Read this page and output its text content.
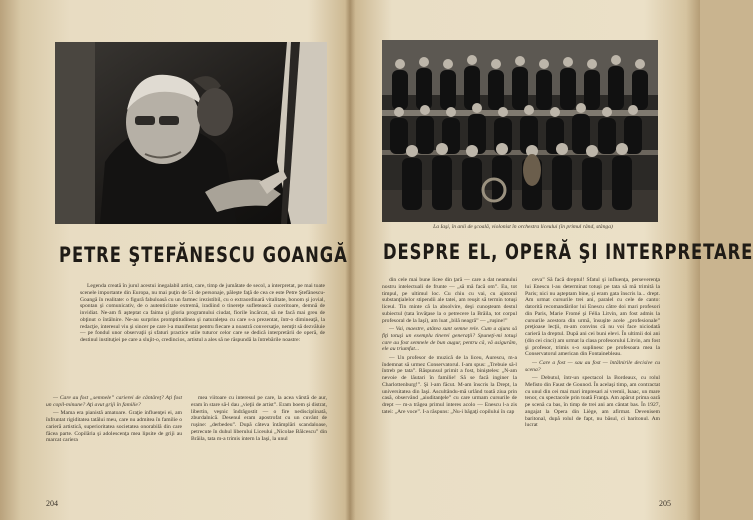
PETRE ŞTEFĂNESCU GOANGĂ

Legenda creată în jurul acestui inegalabil artist, care, timp de jumătate de secol, a interpretat, pe mai toate scenele importante din Europa, nu mai puţin de 51 de personaje, păleşte faţă de cea ce este Petre Ştefănescu-Goangă în realitate: o figură fabuloasă cu un farmec irezistibil, cu o extraordinară vitalitate, bonom şi jovial, spontan şi comunicativ, de o autenticitate extremă, iradiind o tinereţe sufletească cuceritoare, demnă de invidiat. Ne-am fi aşteptat ca faima şi gloria programului ciudat, fiorile încărcat, să ne facă mai greu de obţinut o întâlnire. Ne-au surprins promptitudinea şi naturaleţea cu care s-a prezentat, într-o dimineaţă, la redacţie, interesul viu şi sincer pe care l-a manifestat pentru fiecare a noastră conversaţie, nemţit să dezvăluie — pe fondul unor observaţii şi sfaturi practice utile tuturor celor care se dedică interpretării de operă, de destinul instituţiei pe care a slujit-o, credincios, artistul a ales să ne răspundă la întrebările noastre:

— Care au fost „semnele” carierei de cântăreţ? Aţi fost un copil-minune? Aţi avut griji în familie?

— Mama era pianistă amatoare. Graţie influenţei ei, am înfruntat rigiditatea tatălui meu, care nu admitea în familie o carieră artistică, superioritatea societatea onorabilă din care făcea parte. Copilăria şi adolescenţa mea lipsite de griji au marcat cariera

mea viitoare cu interesul pe care, la acea vârstă de aur, eram în stare să-l dau „vieţii de artist”. Eram boem şi distrat, libertin, veşnic îndrăgostit — o fire nedisciplinată, zburdalnică. Desenul eram apostrofat cu un cuvânt de ruşine: „derbedeu”. După câteva întâmplări scandaloase, petrecute în duhul liberului Liceului „Nicolae Bălcescu” din Brăila, tata m-a trimis intern la Iaşi, la unul

204
La Iaşi, în anii de şcoală, violonist în orchestra liceului (în primul rând, stânga)
DESPRE EL, OPERĂ ŞI INTERPRETARE

din cele mai bune licee din ţară — care a dat neamului nostru intelectuali de frunte — „să mă facă om”. Eu, tot timpul, pe ultimul loc. Cu chiu cu vai, cu ajutorul substanţialelor stipendii ale tatei, am reuşit să termin totuşi liceul. Tin minte că la absolvire, deşi cunoşteam destul subiectul (tata învăţase la o petrecere la Brăila, tot corpul profesoral de la Iaşi), am luat „bilă neagră” — „ruşine!”

— Vai, maestre, atâtea sunt semne rele. Cum a ajuns să fiţi totuşi un exemplu tinerei generaţii? Spuneţi-mi totuşi care au fost semnele de bun augur, pentru că, vă asigurăm, ele au triumfat...

— Un profesor de muzică de la liceu, Aurescu, m-a îndemnat să urmez Conservatorul. I-am spus: „Trebuie să-l întreb pe tata”. Răspunsul primit a fost, binişteles: „N-am nevoie de lăutari în familie! Să se facă inginer la Charlottenburg!”. Şi l-am făcut. M-am înscris la Drept, la universitatea din Iaşi. Ascultându-mă urlând toată ziua prin casă, observând „aiuditanţele” cu care urmam cursurile de drept — m-a trăgea primul interes acolo — Enescu l-a zis tatei: „Are voce”. I-a răspuns: „Nu-i băgaţi copilului în cap

ceva” Să facă dreptul! Sfatul şi influenţa, perseverenţa lui Enescu l-au determinat totuşi pe tata să mă trimită la Paris; nici nu aşteptam bine, şi eram gata înscris la... drept. Am urmat cursurile trei ani, paralel cu cele de canto: datorită recomandărilor lui Enescu către doi mari profesori din Paris, Marie Fromé şi Félia Litvin, am fost admis la cursurile acestora din urmă, însuşite acele „profesionale” preţioase lecţii, m-am convins că nu voi face niciodată carieră la dreptul. După ani cei buni elevi. În ultimii doi ani (din cei cinci) am urmat la clasa profesorului Litvin, am fost şi profesor, trimis s-o suplinesc pe profesoara mea la Conservatorul american din Fontainebleau.

— Care a fost — sau au fost — întâlnirile decisive cu scena?

— Debutul, într-un spectacol la Bordeaux, cu rolul Mefisto din Faust de Gounod. În acelaşi timp, am contractat cu unul din cei mai mari impresari ai vremii, Isaac, un mare tenor, cu spectacole prin toată Franţa. Am apărut prima oară pe scenă ca bas, în timp de trei ani am cântat bas. În 1927, angajat la Opera din Liège, am afirmat. Devenisem baritonal, după rolul de fapt, nu băsul, ci baritonul. Am lucrat

205
